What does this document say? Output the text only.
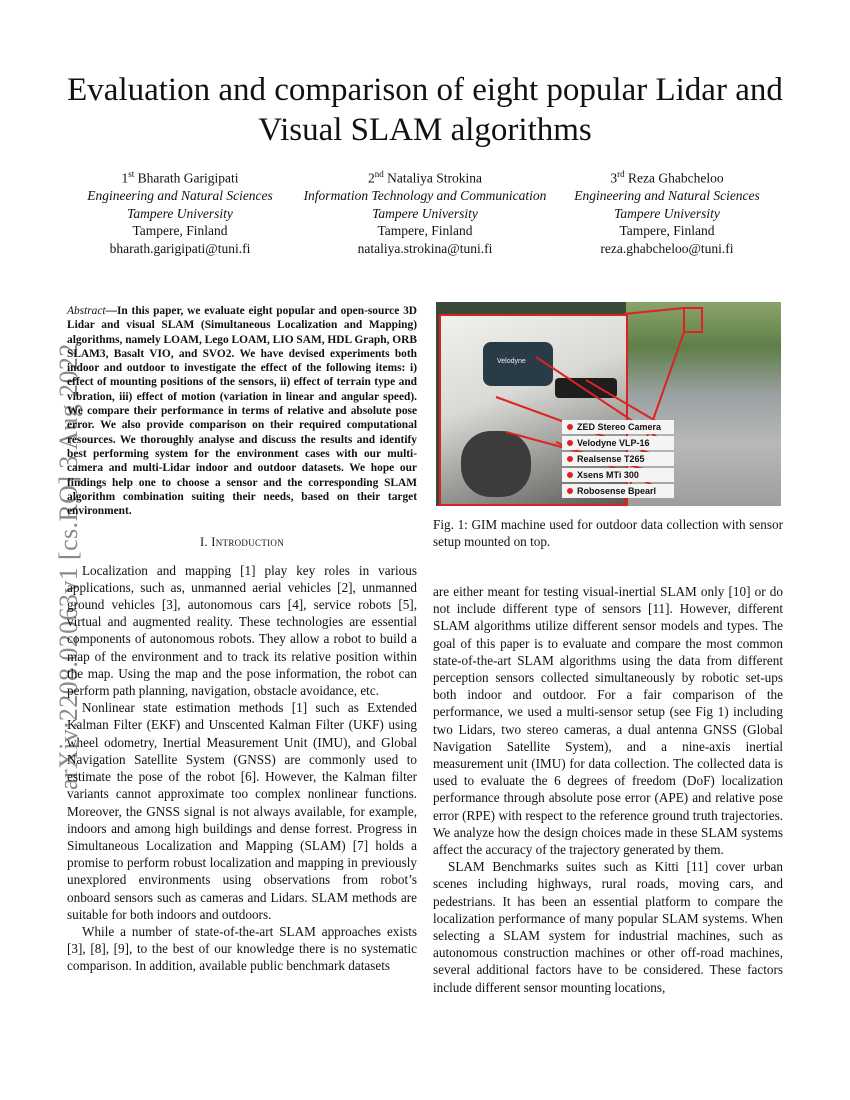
Evaluation and comparison of eight popular Lidar and Visual SLAM algorithms
1st Bharath Garigipati
Engineering and Natural Sciences
Tampere University
Tampere, Finland
bharath.garigipati@tuni.fi
2nd Nataliya Strokina
Information Technology and Communication
Tampere University
Tampere, Finland
nataliya.strokina@tuni.fi
3rd Reza Ghabcheloo
Engineering and Natural Sciences
Tampere University
Tampere, Finland
reza.ghabcheloo@tuni.fi
arXiv:2208.02063v1 [cs.RO] 3 Aug 2022

Abstract—In this paper, we evaluate eight popular and open-source 3D Lidar and visual SLAM (Simultaneous Localization and Mapping) algorithms, namely LOAM, Lego LOAM, LIO SAM, HDL Graph, ORB SLAM3, Basalt VIO, and SVO2. We have devised experiments both indoor and outdoor to investigate the effect of the following items: i) effect of mounting positions of the sensors, ii) effect of terrain type and vibration, iii) effect of motion (variation in linear and angular speed). We compare their performance in terms of relative and absolute pose error. We also provide comparison on their required computational resources. We thoroughly analyse and discuss the results and identify best performing system for the environment cases with our multi-camera and multi-Lidar indoor and outdoor datasets. We hope our findings help one to choose a sensor and the corresponding SLAM algorithm combination suiting their needs, based on their target environment.

I. Introduction

Localization and mapping [1] play key roles in various applications, such as, unmanned aerial vehicles [2], unmanned ground vehicles [3], autonomous cars [4], service robots [5], virtual and augmented reality. These technologies are essential components of autonomous robots. They allow a robot to build a map of the environment and to track its relative position within the map. Using the map and the pose information, the robot can perform path planning, navigation, obstacle avoidance, etc.

Nonlinear state estimation methods [1] such as Extended Kalman Filter (EKF) and Unscented Kalman Filter (UKF) using wheel odometry, Inertial Measurement Unit (IMU), and Global Navigation Satellite System (GNSS) are commonly used to estimate the pose of the robot [6]. However, the Kalman filter variants cannot approximate too complex nonlinear functions. Moreover, the GNSS signal is not always available, for example, indoors and among high buildings and dense forrest. Progress in Simultaneous Localization and Mapping (SLAM) [7] holds a promise to perform robust localization and mapping in previously unexplored environments using observations from robot’s onboard sensors such as cameras and Lidars. SLAM methods are suitable for both indoors and outdoors.

While a number of state-of-the-art SLAM approaches exists [3], [8], [9], to the best of our knowledge there is no systematic comparison. In addition, available public benchmark datasets

Velodyne
ZED Stereo Camera
Velodyne VLP-16
Realsense T265
Xsens MTi 300
Robosense Bpearl
Fig. 1: GIM machine used for outdoor data collection with sensor setup mounted on top.

are either meant for testing visual-inertial SLAM only [10] or do not include different type of sensors [11]. However, different SLAM algorithms utilize different sensor models and types. The goal of this paper is to evaluate and compare the most common state-of-the-art SLAM algorithms using the data from different perception sensors collected simultaneously by robotic set-ups both indoor and outdoor. For a fair comparison of the performance, we used a multi-sensor setup (see Fig 1) including two Lidars, two stereo cameras, a dual antenna GNSS (Global Navigation Satellite System), and a nine-axis inertial measurement unit (IMU) for data collection. The collected data is used to evaluate the 6 degrees of freedom (DoF) localization performance through absolute pose error (APE) and relative pose error (RPE) with respect to the reference ground truth trajectories. We analyze how the design choices made in these SLAM systems affect the accuracy of the trajectory generated by them.

SLAM Benchmarks suites such as Kitti [11] cover urban scenes including highways, rural roads, moving cars, and pedestrians. It has been an essential platform to compare the localization performance of many popular SLAM systems. When selecting a SLAM system for industrial machines, such as autonomous construction machines or other off-road machines, several additional factors have to be considered. These factors include different sensor mounting locations,
